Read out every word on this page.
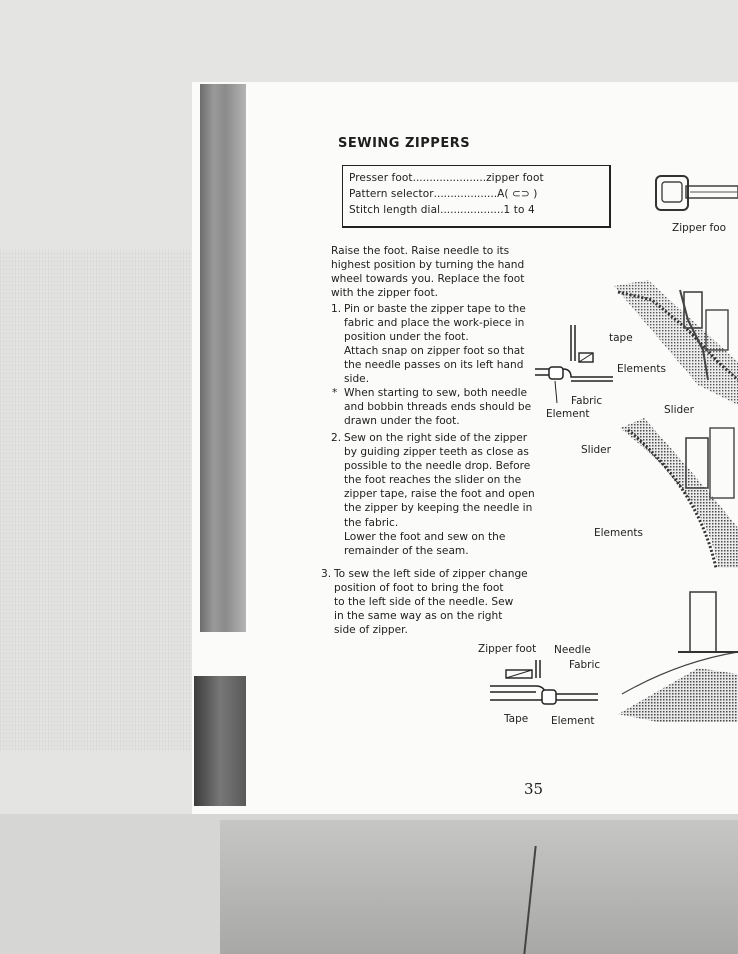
SEWING ZIPPERS
Presser foot......................zipper foot
Pattern selector...................A( ⊂⊃ )
Stitch length dial...................1 to 4
Raise the foot. Raise needle to its
highest position by turning the hand
wheel towards you. Replace the foot
with the zipper foot.
1. Pin or baste the zipper tape to the
fabric and place the work-piece in
position under the foot.
Attach snap on zipper foot so that
the needle passes on its left hand
side.
* When starting to sew, both needle
and bobbin threads ends should be
drawn under the foot.
2. Sew on the right side of the zipper
by guiding zipper teeth as close as
possible to the needle drop. Before
the foot reaches the slider on the
zipper tape, raise the foot and open
the zipper by keeping the needle in
the fabric.
Lower the foot and sew on the
remainder of the seam.
3. To sew the left side of zipper change
position of foot to bring the foot
to the left side of the needle. Sew
in the same way as on the right
side of zipper.
Zipper foo
tape
Elements
Fabric
Element	Slider
Slider
Elements
Zipper foot Needle
Fabric
Tape Element
35
